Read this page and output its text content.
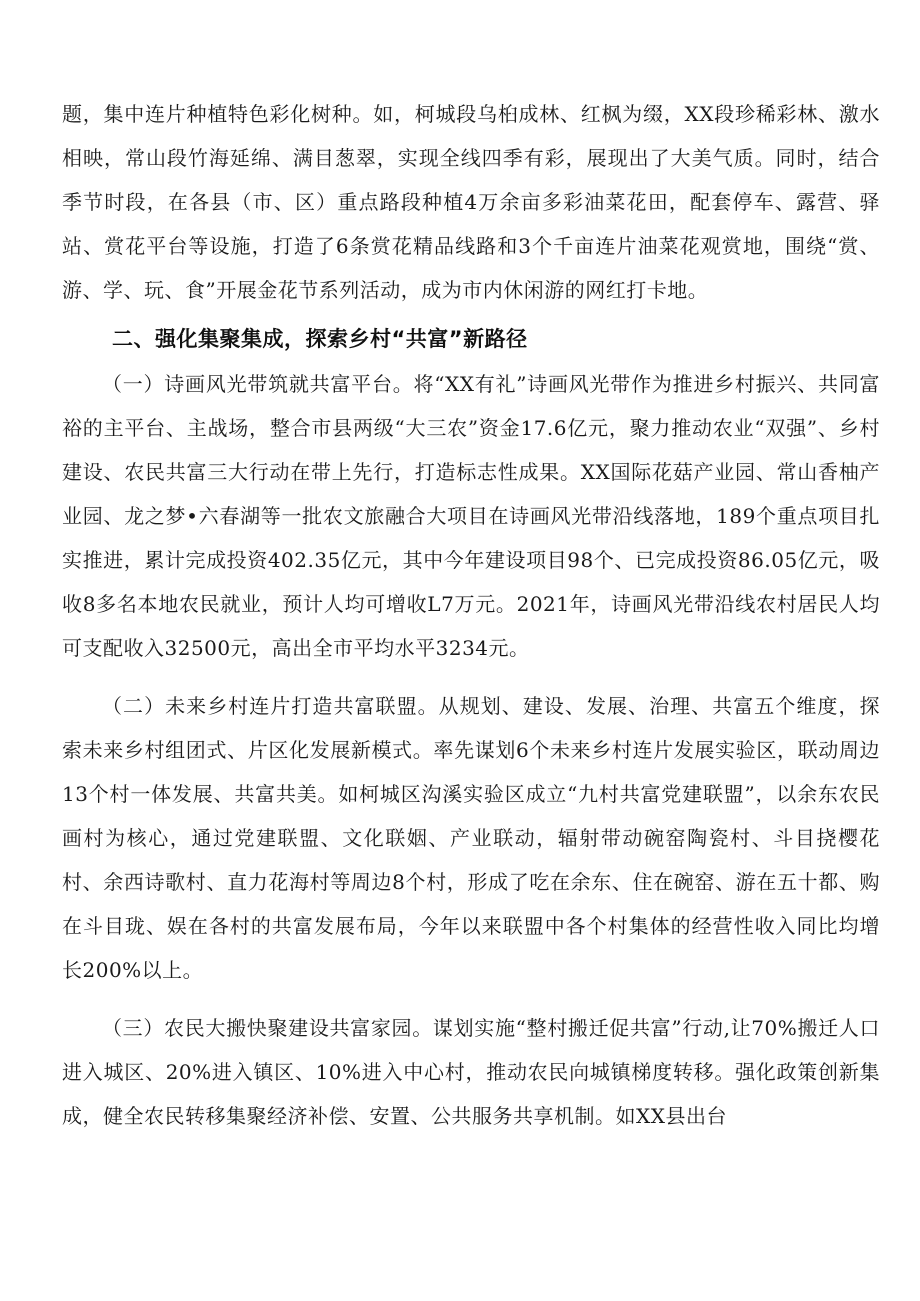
题，集中连片种植特色彩化树种。如，柯城段乌桕成林、红枫为缀，XX段珍稀彩林、激水相映，常山段竹海延绵、满目葱翠，实现全线四季有彩，展现出了大美气质。同时，结合季节时段，在各县（市、区）重点路段种植4万余亩多彩油菜花田，配套停车、露营、驿站、赏花平台等设施，打造了6条赏花精品线路和3个千亩连片油菜花观赏地，围绕“赏、游、学、玩、食”开展金花节系列活动，成为市内休闲游的网红打卡地。

二、强化集聚集成，探索乡村“共富”新路径

（一）诗画风光带筑就共富平台。将“XX有礼”诗画风光带作为推进乡村振兴、共同富裕的主平台、主战场，整合市县两级“大三农”资金17.6亿元，聚力推动农业“双强”、乡村建设、农民共富三大行动在带上先行，打造标志性成果。XX国际花菇产业园、常山香柚产业园、龙之梦•六春湖等一批农文旅融合大项目在诗画风光带沿线落地，189个重点项目扎实推进，累计完成投资402.35亿元，其中今年建设项目98个、已完成投资86.05亿元，吸收8多名本地农民就业，预计人均可增收L7万元。2021年，诗画风光带沿线农村居民人均可支配收入32500元，高出全市平均水平3234元。

（二）未来乡村连片打造共富联盟。从规划、建设、发展、治理、共富五个维度，探索未来乡村组团式、片区化发展新模式。率先谋划6个未来乡村连片发展实验区，联动周边13个村一体发展、共富共美。如柯城区沟溪实验区成立“九村共富党建联盟”，以余东农民画村为核心，通过党建联盟、文化联姻、产业联动，辐射带动碗窑陶瓷村、斗目挠樱花村、余西诗歌村、直力花海村等周边8个村，形成了吃在余东、住在碗窑、游在五十都、购在斗目珑、娱在各村的共富发展布局，今年以来联盟中各个村集体的经营性收入同比均增长200%以上。

（三）农民大搬快聚建设共富家园。谋划实施“整村搬迁促共富”行动,让70%搬迁人口进入城区、20%进入镇区、10%进入中心村，推动农民向城镇梯度转移。强化政策创新集成，健全农民转移集聚经济补偿、安置、公共服务共享机制。如XX县出台
